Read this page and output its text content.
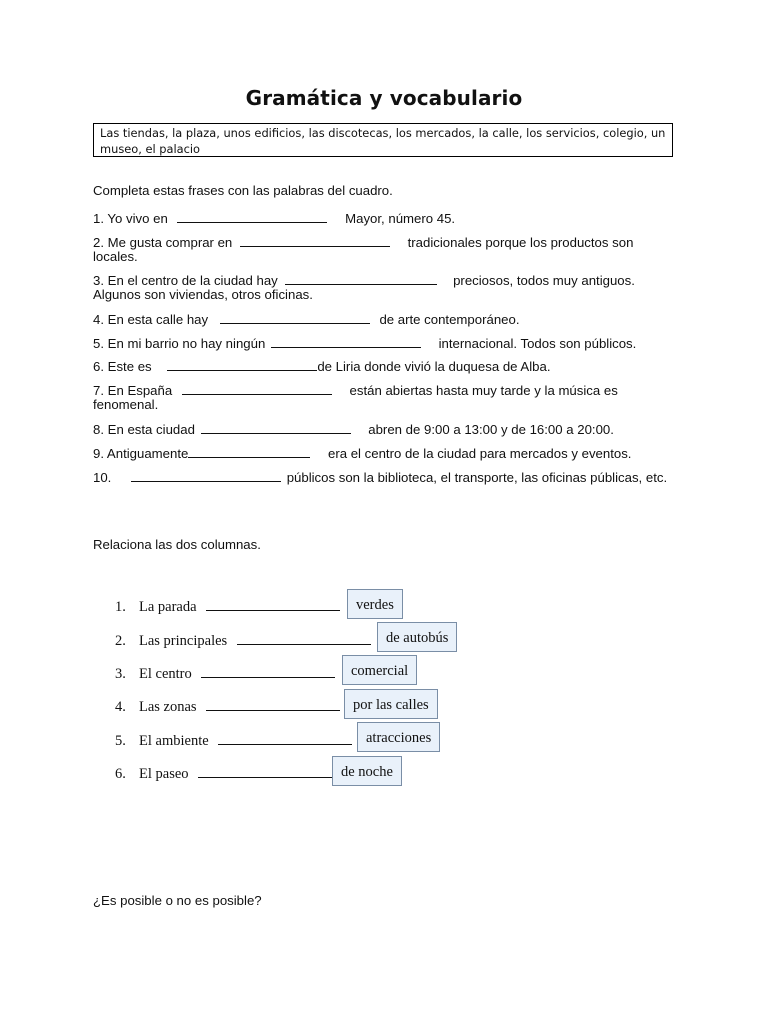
Gramática y vocabulario
Las tiendas, la plaza, unos edificios, las discotecas, los mercados, la calle, los servicios, colegio, un museo, el palacio
Completa estas frases con las palabras del cuadro.
1. Yo vivo en	Mayor, número 45.
2. Me gusta comprar en	tradicionales porque los productos son
locales.
3. En el centro de la ciudad hay	preciosos, todos muy antiguos.
Algunos son viviendas, otros oficinas.
4. En esta calle hay	de arte contemporáneo.
5. En mi barrio no hay ningún	internacional. Todos son públicos.
6. Este es	de Liria donde vivió la duquesa de Alba.
7. En España	están abiertas hasta muy tarde y la música es
fenomenal.
8. En esta ciudad	abren de 9:00 a 13:00 y de 16:00 a 20:00.
9. Antiguamente	era el centro de la ciudad para mercados y eventos.
10.	públicos son la biblioteca, el transporte, las oficinas públicas, etc.
Relaciona las dos columnas.
1. La parada	verdes
2. Las principales	de autobús
3. El centro	comercial
4. Las zonas	por las calles
5. El ambiente	atracciones
6. El paseo	de noche
¿Es posible o no es posible?
